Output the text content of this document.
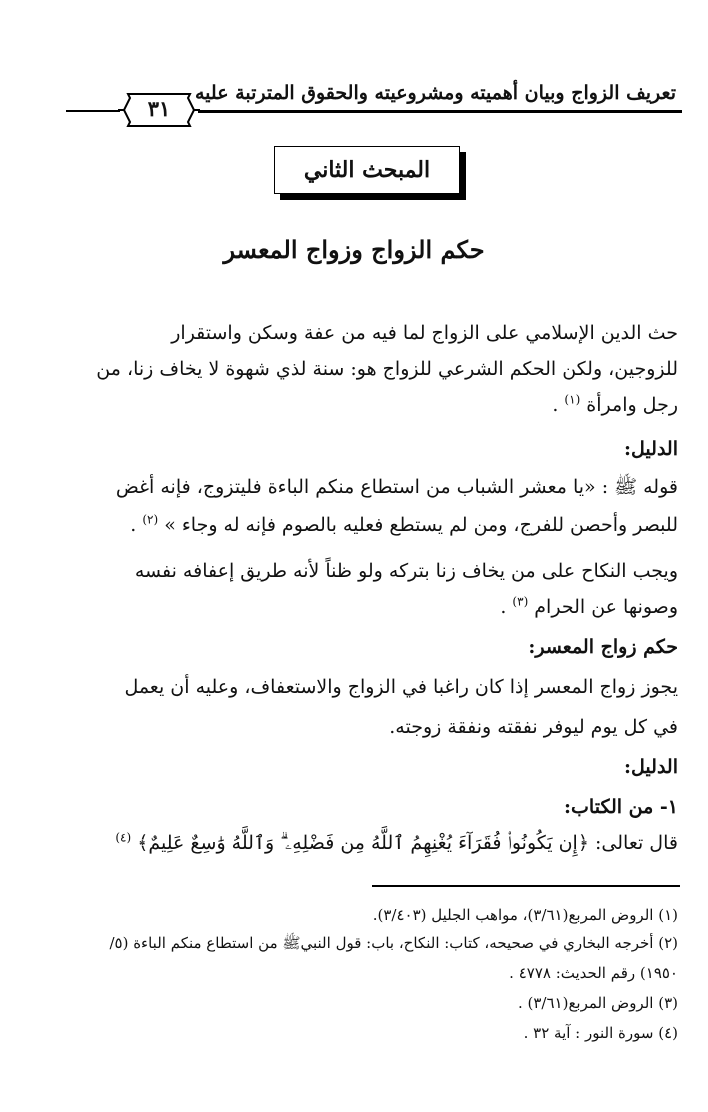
تعريف الزواج وبيان أهميته ومشروعيته والحقوق المترتبة عليه
٣١
المبحث الثاني
حكم الزواج وزواج المعسر
حث الدين الإسلامي على الزواج لما فيه من عفة وسكن واستقرار
للزوجين، ولكن الحكم الشرعي للزواج هو: سنة لذي شهوة لا يخاف زنا، من
رجل وامرأة $^{(١)}$ .
الدليل:
قوله ﷺ : «يا معشر الشباب من استطاع منكم الباءة فليتزوج، فإنه أغض
للبصر وأحصن للفرج، ومن لم يستطع فعليه بالصوم فإنه له وجاء » $^{(٢)}$ .
ويجب النكاح على من يخاف زنا بتركه ولو ظناً لأنه طريق إعفافه نفسه
وصونها عن الحرام $^{(٣)}$ .
حكم زواج المعسر:
يجوز زواج المعسر إذا كان راغبا في الزواج والاستعفاف، وعليه أن يعمل
في كل يوم ليوفر نفقته ونفقة زوجته.
الدليل:
١- من الكتاب:
قال تعالى: ﴿إِن يَكُونُوا۟ فُقَرَآءَ يُغْنِهِمُ ٱللَّهُ مِن فَضْلِهِۦ ۗ وَٱللَّهُ وَٰسِعٌ عَلِيمٌ﴾ $^{(٤)}$
(١) الروض المربع(٣/٦١)، مواهب الجليل (٣/٤٠٣).
(٢) أخرجه البخاري في صحيحه، كتاب: النكاح، باب: قول النبيﷺ من استطاع منكم الباءة (٥/
١٩٥٠) رقم الحديث: ٤٧٧٨ .
(٣) الروض المربع(٣/٦١) .
(٤) سورة النور : آية ٣٢ .
